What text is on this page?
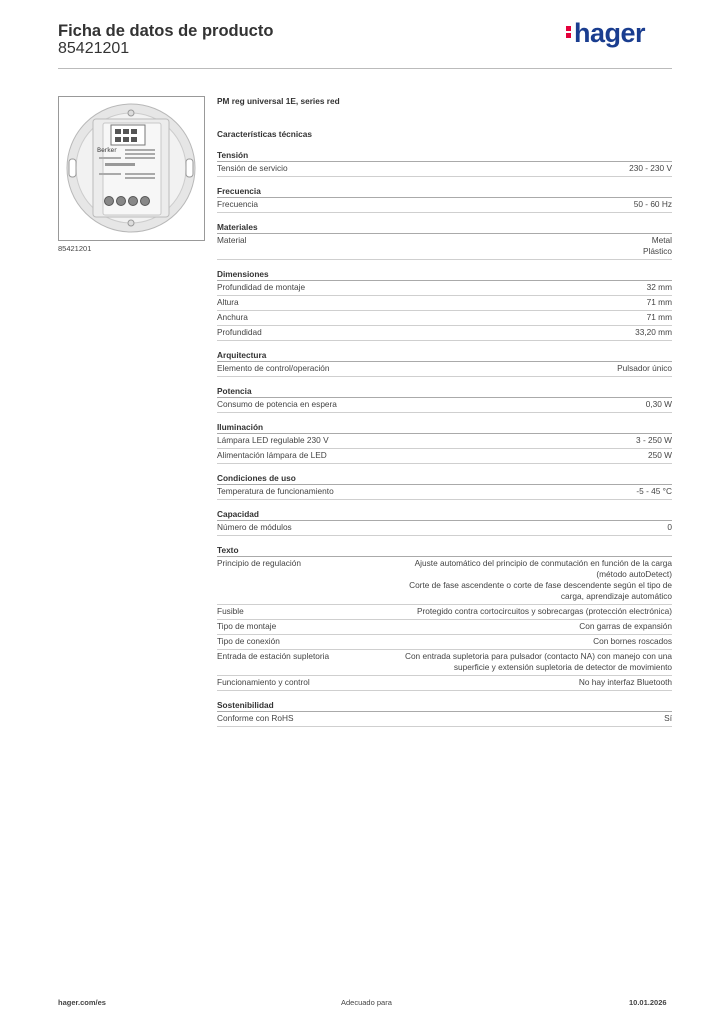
Ficha de datos de producto
85421201
hager
Berker
85421201
PM reg universal 1E, series red
Características técnicas
Tensión
Tensión de servicio	230 - 230 V
Frecuencia
Frecuencia	50 - 60 Hz
Materiales
Material	Metal
Plástico
Dimensiones
Profundidad de montaje	32 mm
Altura	71 mm
Anchura	71 mm
Profundidad	33,20 mm
Arquitectura
Elemento de control/operación	Pulsador único
Potencia
Consumo de potencia en espera	0,30 W
Iluminación
Lámpara LED regulable 230 V	3 - 250 W
Alimentación lámpara de LED	250 W
Condiciones de uso
Temperatura de funcionamiento	-5 - 45 °C
Capacidad
Número de módulos	0
Texto
Principio de regulación	Ajuste automático del principio de conmutación en función de la carga
(método autoDetect)
Corte de fase ascendente o corte de fase descendente según el tipo de
carga, aprendizaje automático
Fusible	Protegido contra cortocircuitos y sobrecargas (protección electrónica)
Tipo de montaje	Con garras de expansión
Tipo de conexión	Con bornes roscados
Entrada de estación supletoria	Con entrada supletoria para pulsador (contacto NA) con manejo con una
superficie y extensión supletoria de detector de movimiento
Funcionamiento y control	No hay interfaz Bluetooth
Sostenibilidad
Conforme con RoHS	Sí
hager.com/es	Adecuado para	10.01.2026
